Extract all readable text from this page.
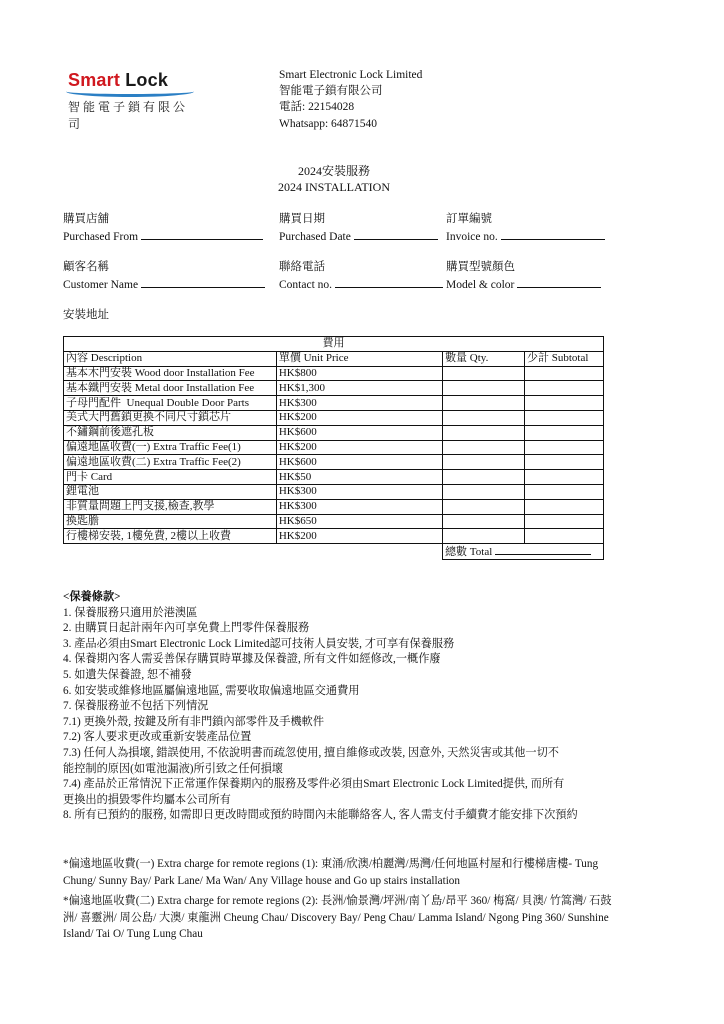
Smart Lock
智能電子鎖有限公司
Smart Electronic Lock Limited
智能電子鎖有限公司
電話: 22154028
Whatsapp: 64871540
2024安裝服務
2024 INSTALLATION
購買店舖
Purchased From
購買日期
Purchased Date
訂單編號
Invoice no.
顧客名稱
Customer Name
聯絡電話
Contact no.
購買型號顏色
Model & color
安裝地址
費用			
內容 Description	單價 Unit Price	數量 Qty.	少計 Subtotal
基本木門安裝 Wood door Installation Fee	HK$800		
基本鐵門安裝 Metal door Installation Fee	HK$1,300		
子母門配件  Unequal Double Door Parts	HK$300		
美式大門舊鎖更換不同尺寸鎖芯片	HK$200		
不鏽鋼前後遮孔板	HK$600		
偏遠地區收費(一) Extra Traffic Fee(1)	HK$200		
偏遠地區收費(二) Extra Traffic Fee(2)	HK$600		
門卡 Card	HK$50		
鋰電池	HK$300		
非質量問題上門支援,檢查,教學	HK$300		
換匙膽	HK$650		
行樓梯安裝, 1樓免費, 2樓以上收費	HK$200		
		總數 Total	
<保養條款>
1. 保養服務只適用於港澳區
2. 由購買日起計兩年內可享免費上門零件保養服務
3. 產品必須由Smart Electronic Lock Limited認可技術人員安裝, 才可享有保養服務
4. 保養期內客人需妥善保存購買時單據及保養證, 所有文件如經修改,一概作廢
5. 如遺失保養證, 恕不補發
6. 如安裝或維修地區屬偏遠地區, 需要收取偏遠地區交通費用
7. 保養服務並不包括下列情況
7.1) 更換外殼, 按鍵及所有非門鎖內部零件及手機軟件
7.2) 客人要求更改或重新安裝產品位置
7.3) 任何人為損壞, 錯誤使用, 不依說明書而疏忽使用, 擅自維修或改裝, 因意外, 天然災害或其他一切不
能控制的原因(如電池漏液)所引致之任何損壞
7.4) 產品於正常情況下正常運作保養期內的服務及零件必須由Smart Electronic Lock Limited提供, 而所有
更換出的損毀零件均屬本公司所有
8. 所有已預約的服務, 如需即日更改時間或預約時間內未能聯絡客人, 客人需支付手續費才能安排下次預約

*偏遠地區收費(一) Extra charge for remote regions (1): 東涌/欣澳/柏麗灣/馬灣/任何地區村屋和行樓梯唐樓- Tung Chung/ Sunny Bay/ Park Lane/ Ma Wan/ Any Village house and Go up stairs installation

*偏遠地區收費(二) Extra charge for remote regions (2): 長洲/愉景灣/坪洲/南丫島/昂平 360/ 梅窩/ 貝澳/ 竹篙灣/ 石鼓洲/ 喜靈洲/ 周公島/ 大澳/ 東龍洲 Cheung Chau/ Discovery Bay/ Peng Chau/ Lamma Island/ Ngong Ping 360/ Sunshine Island/ Tai O/ Tung Lung Chau
